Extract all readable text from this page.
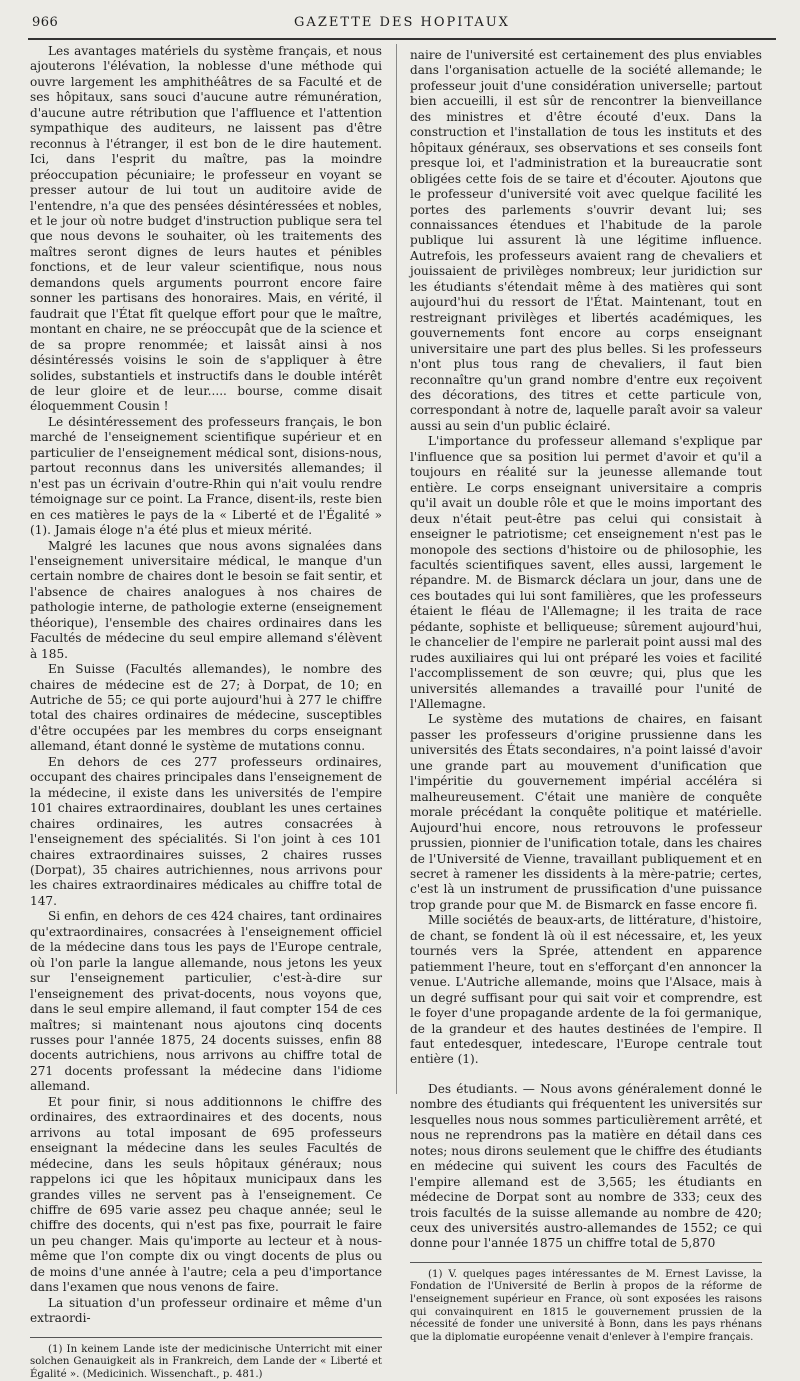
966	GAZETTE DES HOPITAUX

Les avantages matériels du système français, et nous ajouterons l'élévation, la noblesse d'une méthode qui ouvre largement les amphithéâtres de sa Faculté et de ses hôpitaux, sans souci d'aucune autre rémunération, d'aucune autre rétribution que l'affluence et l'attention sympathique des auditeurs, ne laissent pas d'être reconnus à l'étranger, il est bon de le dire hautement. Ici, dans l'esprit du maître, pas la moindre préoccupation pécuniaire; le professeur en voyant se presser autour de lui tout un auditoire avide de l'entendre, n'a que des pensées désintéressées et nobles, et le jour où notre budget d'instruction publique sera tel que nous devons le souhaiter, où les traitements des maîtres seront dignes de leurs hautes et pénibles fonctions, et de leur valeur scientifique, nous nous demandons quels arguments pourront encore faire sonner les partisans des honoraires. Mais, en vérité, il faudrait que l'État fît quelque effort pour que le maître, montant en chaire, ne se préoccupât que de la science et de sa propre renommée; et laissât ainsi à nos désintéressés voisins le soin de s'appliquer à être solides, substantiels et instructifs dans le double intérêt de leur gloire et de leur..... bourse, comme disait éloquemment Cousin !

Le désintéressement des professeurs français, le bon marché de l'enseignement scientifique supérieur et en particulier de l'enseignement médical sont, disions-nous, partout reconnus dans les universités allemandes; il n'est pas un écrivain d'outre-Rhin qui n'ait voulu rendre témoignage sur ce point. La France, disent-ils, reste bien en ces matières le pays de la « Liberté et de l'Égalité » (1). Jamais éloge n'a été plus et mieux mérité.

Malgré les lacunes que nous avons signalées dans l'enseignement universitaire médical, le manque d'un certain nombre de chaires dont le besoin se fait sentir, et l'absence de chaires analogues à nos chaires de pathologie interne, de pathologie externe (enseignement théorique), l'ensemble des chaires ordinaires dans les Facultés de médecine du seul empire allemand s'élèvent à 185.

En Suisse (Facultés allemandes), le nombre des chaires de médecine est de 27; à Dorpat, de 10; en Autriche de 55; ce qui porte aujourd'hui à 277 le chiffre total des chaires ordinaires de médecine, susceptibles d'être occupées par les membres du corps enseignant allemand, étant donné le système de mutations connu.

En dehors de ces 277 professeurs ordinaires, occupant des chaires principales dans l'enseignement de la médecine, il existe dans les universités de l'empire 101 chaires extraordinaires, doublant les unes certaines chaires ordinaires, les autres consacrées à l'enseignement des spécialités. Si l'on joint à ces 101 chaires extraordinaires suisses, 2 chaires russes (Dorpat), 35 chaires autrichiennes, nous arrivons pour les chaires extraordinaires médicales au chiffre total de 147.

Si enfin, en dehors de ces 424 chaires, tant ordinaires qu'extraordinaires, consacrées à l'enseignement officiel de la médecine dans tous les pays de l'Europe centrale, où l'on parle la langue allemande, nous jetons les yeux sur l'enseignement particulier, c'est-à-dire sur l'enseignement des privat-docents, nous voyons que, dans le seul empire allemand, il faut compter 154 de ces maîtres; si maintenant nous ajoutons cinq docents russes pour l'année 1875, 24 docents suisses, enfin 88 docents autrichiens, nous arrivons au chiffre total de 271 docents professant la médecine dans l'idiome allemand.

Et pour finir, si nous additionnons le chiffre des ordinaires, des extraordinaires et des docents, nous arrivons au total imposant de 695 professeurs enseignant la médecine dans les seules Facultés de médecine, dans les seuls hôpitaux généraux; nous rappelons ici que les hôpitaux municipaux dans les grandes villes ne servent pas à l'enseignement. Ce chiffre de 695 varie assez peu chaque année; seul le chiffre des docents, qui n'est pas fixe, pourrait le faire un peu changer. Mais qu'importe au lecteur et à nous-même que l'on compte dix ou vingt docents de plus ou de moins d'une année à l'autre; cela a peu d'importance dans l'examen que nous venons de faire.

La situation d'un professeur ordinaire et même d'un extraordi-

(1) In keinem Lande iste der medicinische Unterricht mit einer solchen Genauigkeit als in Frankreich, dem Lande der « Liberté et Égalité ». (Medicinich. Wissenchaft., p. 481.)

naire de l'université est certainement des plus enviables dans l'organisation actuelle de la société allemande; le professeur jouit d'une considération universelle; partout bien accueilli, il est sûr de rencontrer la bienveillance des ministres et d'être écouté d'eux. Dans la construction et l'installation de tous les instituts et des hôpitaux généraux, ses observations et ses conseils font presque loi, et l'administration et la bureaucratie sont obligées cette fois de se taire et d'écouter. Ajoutons que le professeur d'université voit avec quelque facilité les portes des parlements s'ouvrir devant lui; ses connaissances étendues et l'habitude de la parole publique lui assurent là une légitime influence. Autrefois, les professeurs avaient rang de chevaliers et jouissaient de privilèges nombreux; leur juridiction sur les étudiants s'étendait même à des matières qui sont aujourd'hui du ressort de l'État. Maintenant, tout en restreignant privilèges et libertés académiques, les gouvernements font encore au corps enseignant universitaire une part des plus belles. Si les professeurs n'ont plus tous rang de chevaliers, il faut bien reconnaître qu'un grand nombre d'entre eux reçoivent des décorations, des titres et cette particule von, correspondant à notre de, laquelle paraît avoir sa valeur aussi au sein d'un public éclairé.

L'importance du professeur allemand s'explique par l'influence que sa position lui permet d'avoir et qu'il a toujours en réalité sur la jeunesse allemande tout entière. Le corps enseignant universitaire a compris qu'il avait un double rôle et que le moins important des deux n'était peut-être pas celui qui consistait à enseigner le patriotisme; cet enseignement n'est pas le monopole des sections d'histoire ou de philosophie, les facultés scientifiques savent, elles aussi, largement le répandre. M. de Bismarck déclara un jour, dans une de ces boutades qui lui sont familières, que les professeurs étaient le fléau de l'Allemagne; il les traita de race pédante, sophiste et belliqueuse; sûrement aujourd'hui, le chancelier de l'empire ne parlerait point aussi mal des rudes auxiliaires qui lui ont préparé les voies et facilité l'accomplissement de son œuvre; qui, plus que les universités allemandes a travaillé pour l'unité de l'Allemagne.

Le système des mutations de chaires, en faisant passer les professeurs d'origine prussienne dans les universités des États secondaires, n'a point laissé d'avoir une grande part au mouvement d'unification que l'impéritie du gouvernement impérial accéléra si malheureusement. C'était une manière de conquête morale précédant la conquête politique et matérielle. Aujourd'hui encore, nous retrouvons le professeur prussien, pionnier de l'unification totale, dans les chaires de l'Université de Vienne, travaillant publiquement et en secret à ramener les dissidents à la mère-patrie; certes, c'est là un instrument de prussification d'une puissance trop grande pour que M. de Bismarck en fasse encore fi.

Mille sociétés de beaux-arts, de littérature, d'histoire, de chant, se fondent là où il est nécessaire, et, les yeux tournés vers la Sprée, attendent en apparence patiemment l'heure, tout en s'efforçant d'en annoncer la venue. L'Autriche allemande, moins que l'Alsace, mais à un degré suffisant pour qui sait voir et comprendre, est le foyer d'une propagande ardente de la foi germanique, de la grandeur et des hautes destinées de l'empire. Il faut entedesquer, intedescare, l'Europe centrale tout entière (1).

Des étudiants. — Nous avons généralement donné le nombre des étudiants qui fréquentent les universités sur lesquelles nous nous sommes particulièrement arrêté, et nous ne reprendrons pas la matière en détail dans ces notes; nous dirons seulement que le chiffre des étudiants en médecine qui suivent les cours des Facultés de l'empire allemand est de 3,565; les étudiants en médecine de Dorpat sont au nombre de 333; ceux des trois facultés de la suisse allemande au nombre de 420; ceux des universités austro-allemandes de 1552; ce qui donne pour l'année 1875 un chiffre total de 5,870

(1) V. quelques pages intéressantes de M. Ernest Lavisse, la Fondation de l'Université de Berlin à propos de la réforme de l'enseignement supérieur en France, où sont exposées les raisons qui convainquirent en 1815 le gouvernement prussien de la nécessité de fonder une université à Bonn, dans les pays rhénans que la diplomatie européenne venait d'enlever à l'empire français.
